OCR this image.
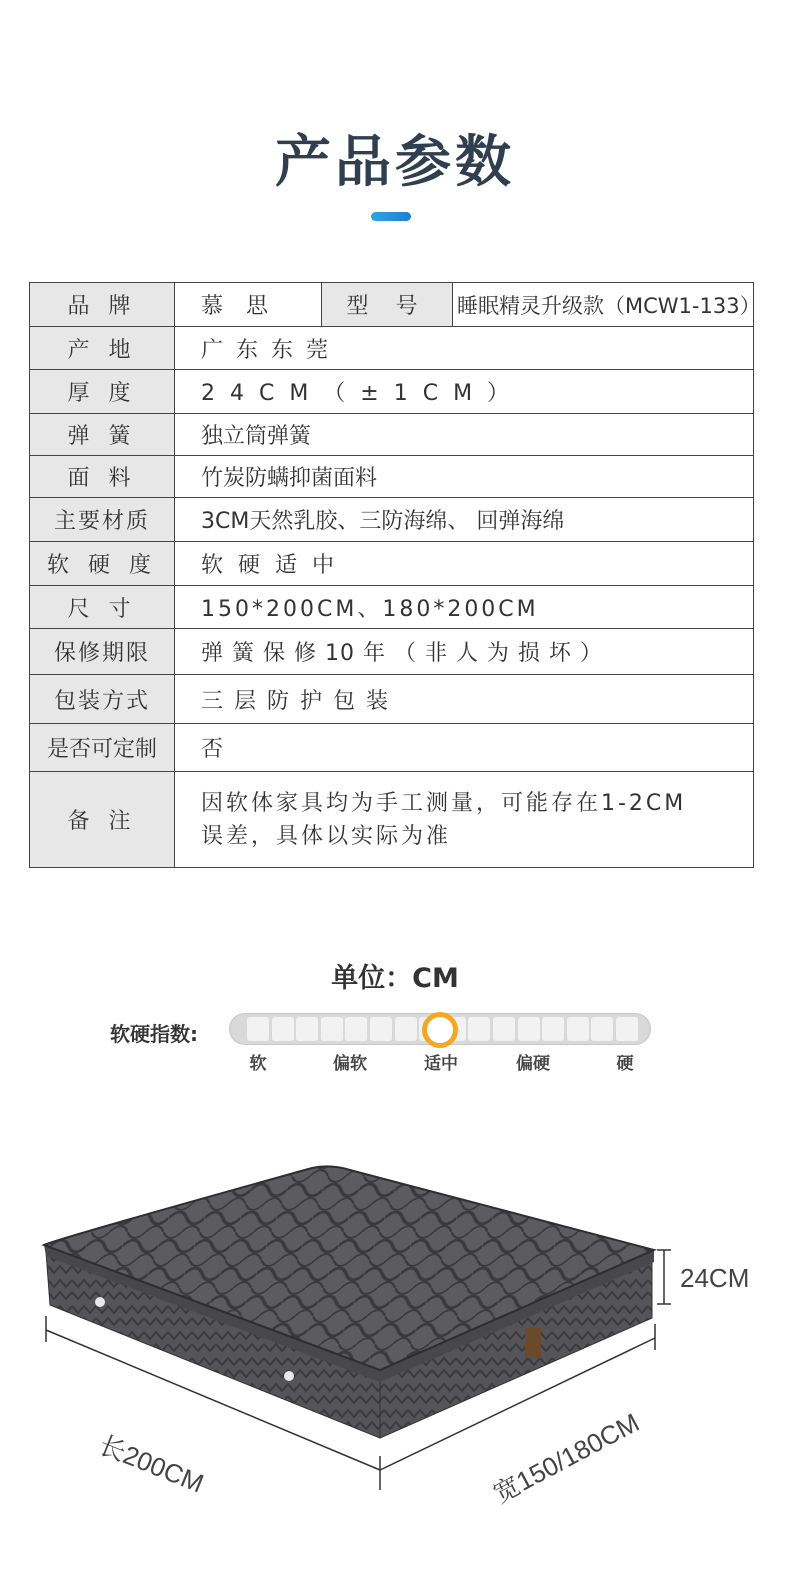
产品参数
品 牌	慕 思	型 号	睡眠精灵升级款（MCW1-133）
产 地	广 东 东 莞		
厚 度	2 4 C M （ ± 1 C M ）		
弹 簧	独立筒弹簧		
面 料	竹炭防螨抑菌面料		
主要材质	3CM天然乳胶、三防海绵、 回弹海绵		
软 硬 度	软 硬 适 中		
尺 寸	150*200CM、180*200CM		
保修期限	弹 簧 保 修 10 年 （ 非 人 为 损 坏 ）		
包装方式	三 层 防 护 包 装		
是否可定制	否		
备 注	因软体家具均为手工测量，可能存在1-2CM
误差，具体以实际为准		
单位：CM
软硬指数:
软	偏软	适中	偏硬	硬
24CM
长200CM	宽150/180CM
